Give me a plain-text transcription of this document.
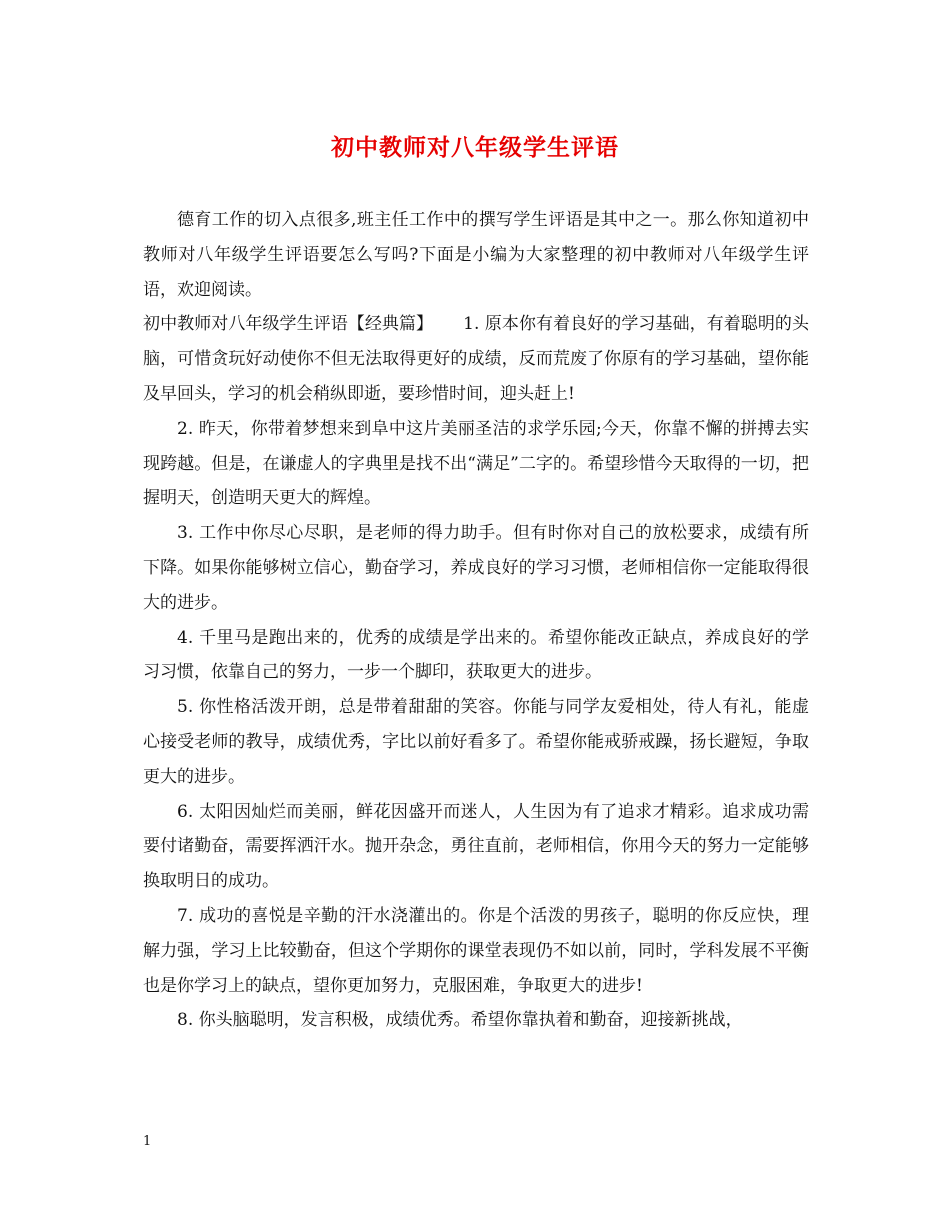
初中教师对八年级学生评语

德育工作的切入点很多,班主任工作中的撰写学生评语是其中之一。那么你知道初中教师对八年级学生评语要怎么写吗?下面是小编为大家整理的初中教师对八年级学生评语，欢迎阅读。

初中教师对八年级学生评语【经典篇】 1. 原本你有着良好的学习基础，有着聪明的头脑，可惜贪玩好动使你不但无法取得更好的成绩，反而荒废了你原有的学习基础，望你能及早回头，学习的机会稍纵即逝，要珍惜时间，迎头赶上!

2. 昨天，你带着梦想来到阜中这片美丽圣洁的求学乐园;今天，你靠不懈的拼搏去实现跨越。但是，在谦虚人的字典里是找不出“满足”二字的。希望珍惜今天取得的一切，把握明天，创造明天更大的辉煌。

3. 工作中你尽心尽职，是老师的得力助手。但有时你对自己的放松要求，成绩有所下降。如果你能够树立信心，勤奋学习，养成良好的学习习惯，老师相信你一定能取得很大的进步。

4. 千里马是跑出来的，优秀的成绩是学出来的。希望你能改正缺点，养成良好的学习习惯，依靠自己的努力，一步一个脚印，获取更大的进步。

5. 你性格活泼开朗，总是带着甜甜的笑容。你能与同学友爱相处，待人有礼，能虚心接受老师的教导，成绩优秀，字比以前好看多了。希望你能戒骄戒躁，扬长避短，争取更大的进步。

6. 太阳因灿烂而美丽，鲜花因盛开而迷人，人生因为有了追求才精彩。追求成功需要付诸勤奋，需要挥洒汗水。抛开杂念，勇往直前，老师相信，你用今天的努力一定能够换取明日的成功。

7. 成功的喜悦是辛勤的汗水浇灌出的。你是个活泼的男孩子，聪明的你反应快，理解力强，学习上比较勤奋，但这个学期你的课堂表现仍不如以前，同时，学科发展不平衡也是你学习上的缺点，望你更加努力，克服困难，争取更大的进步!

8. 你头脑聪明，发言积极，成绩优秀。希望你靠执着和勤奋，迎接新挑战，

1
